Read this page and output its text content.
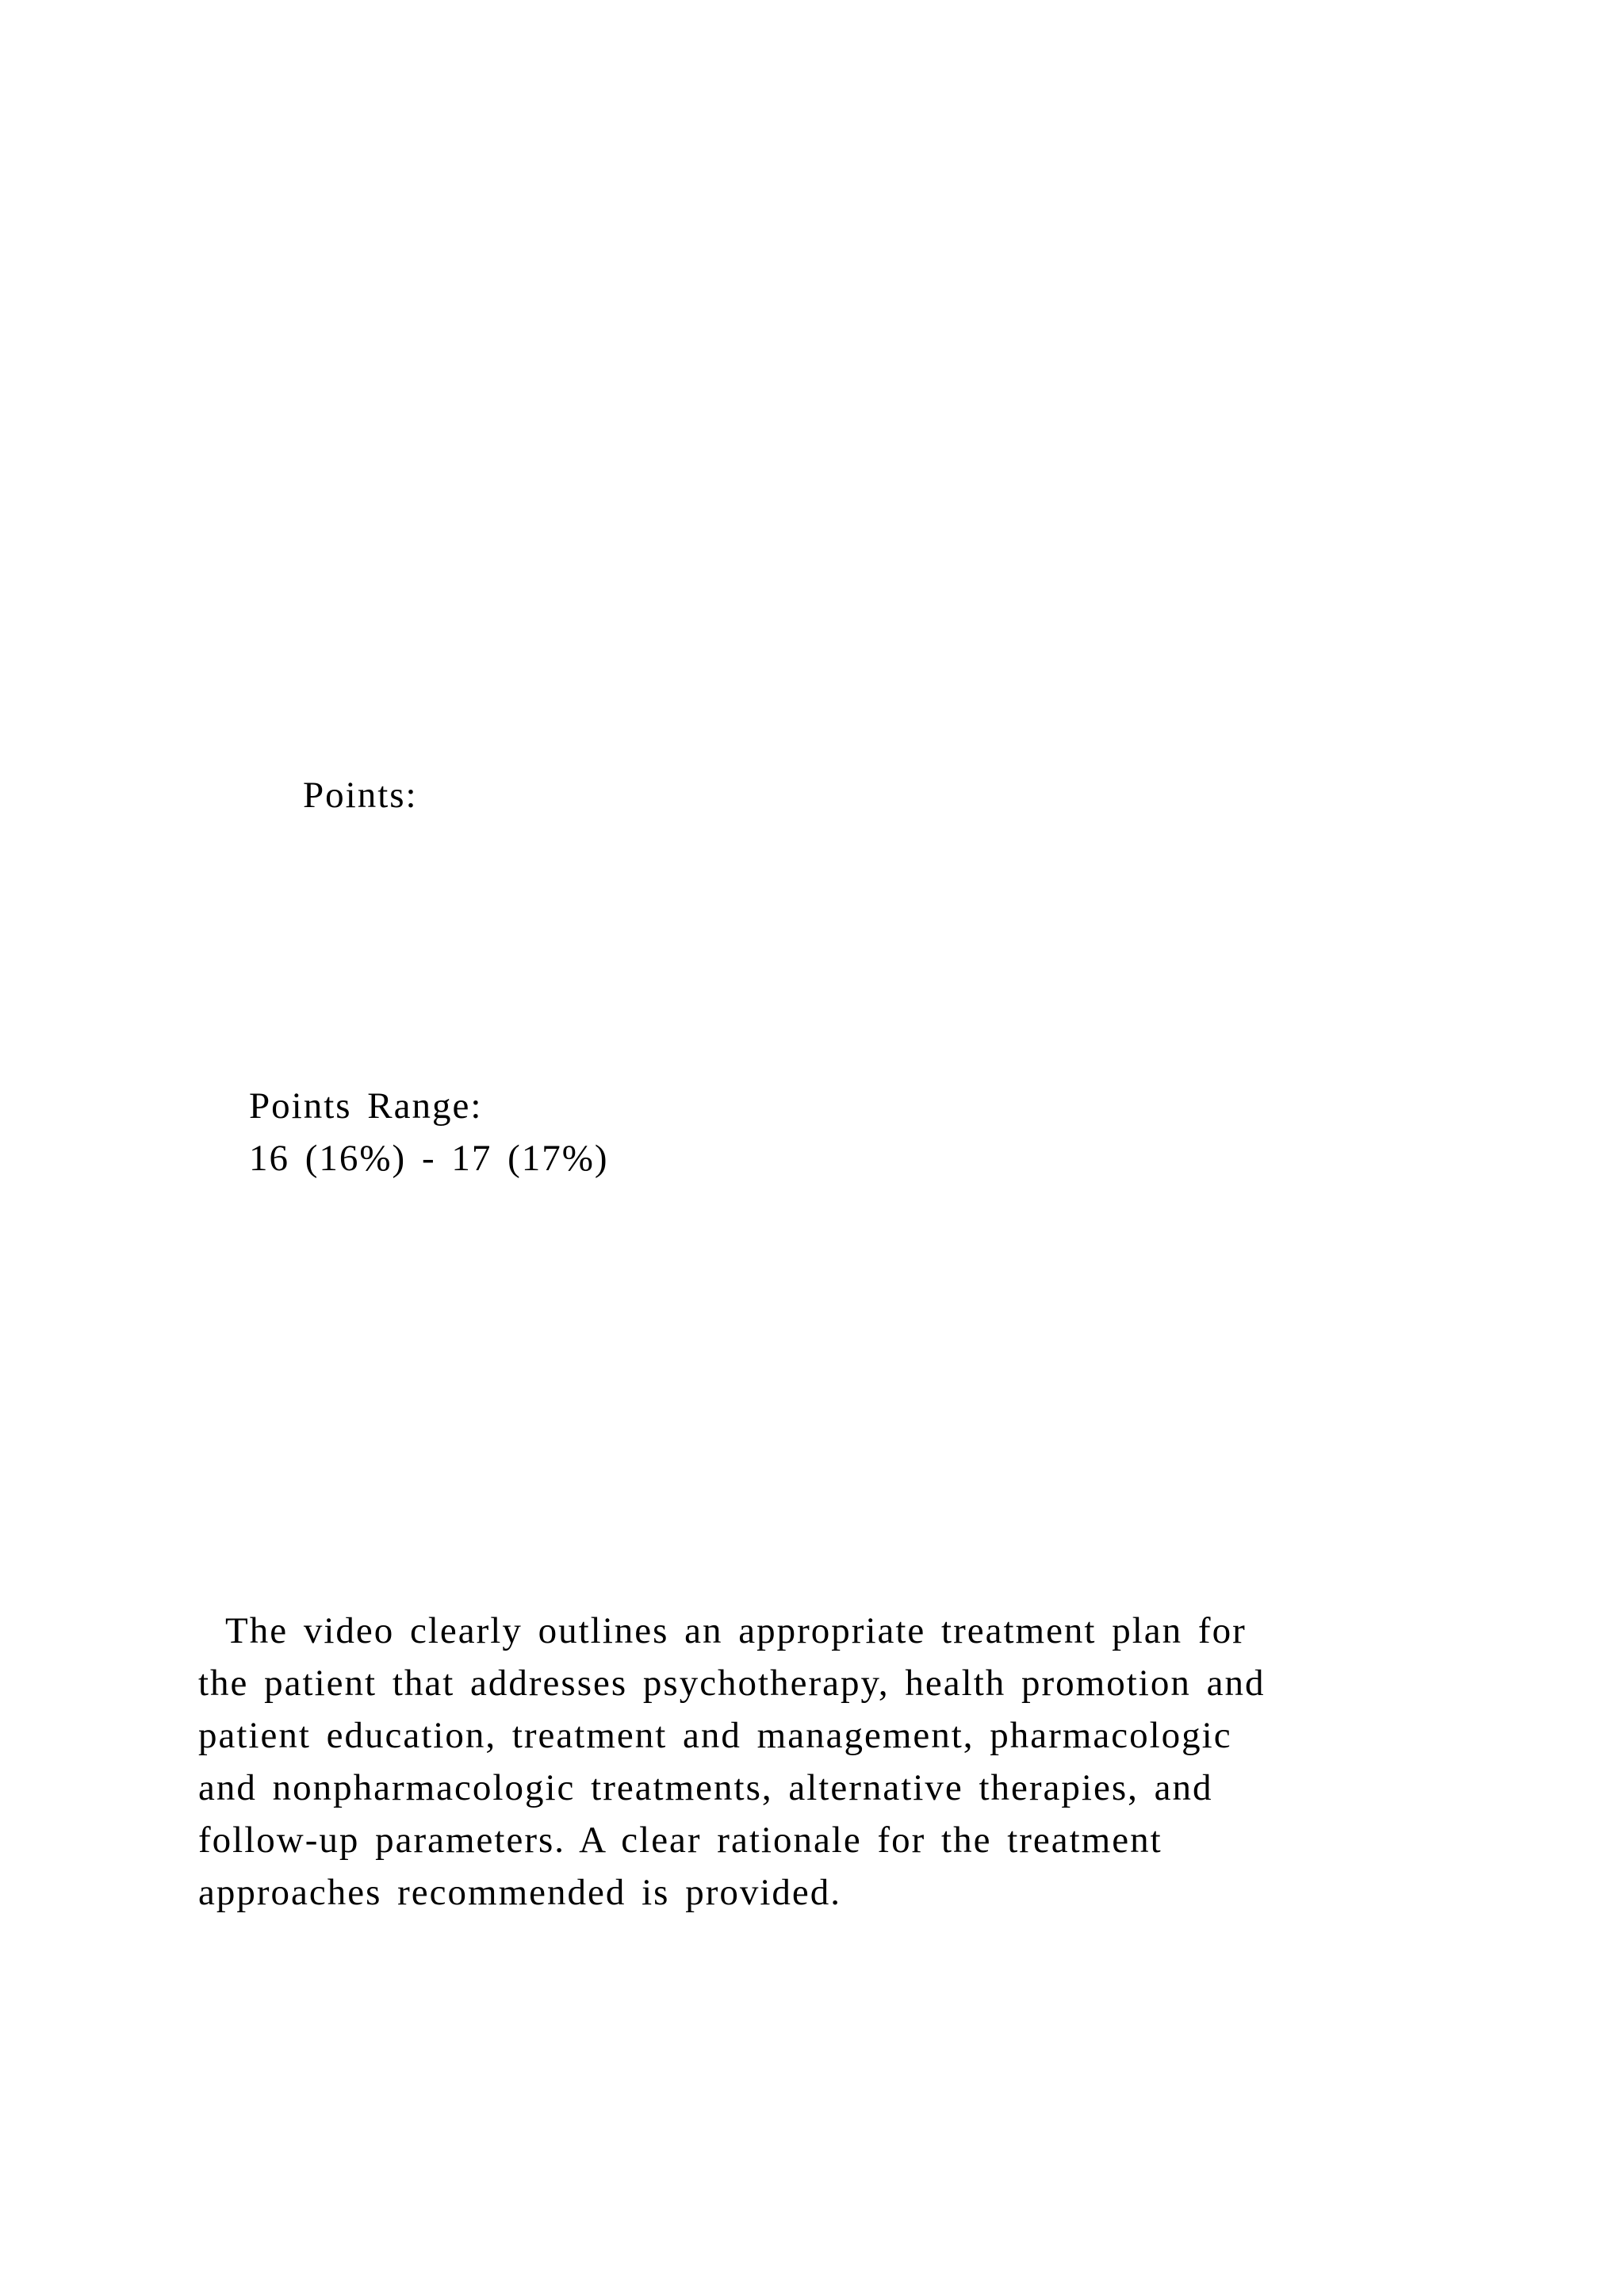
Points:

Points Range:

16 (16%) - 17 (17%)

The video clearly outlines an appropriate treatment plan for
the patient that addresses psychotherapy, health promotion and
patient education, treatment and management, pharmacologic
and nonpharmacologic treatments, alternative therapies, and
follow-up parameters. A clear rationale for the treatment
approaches recommended is provided.
